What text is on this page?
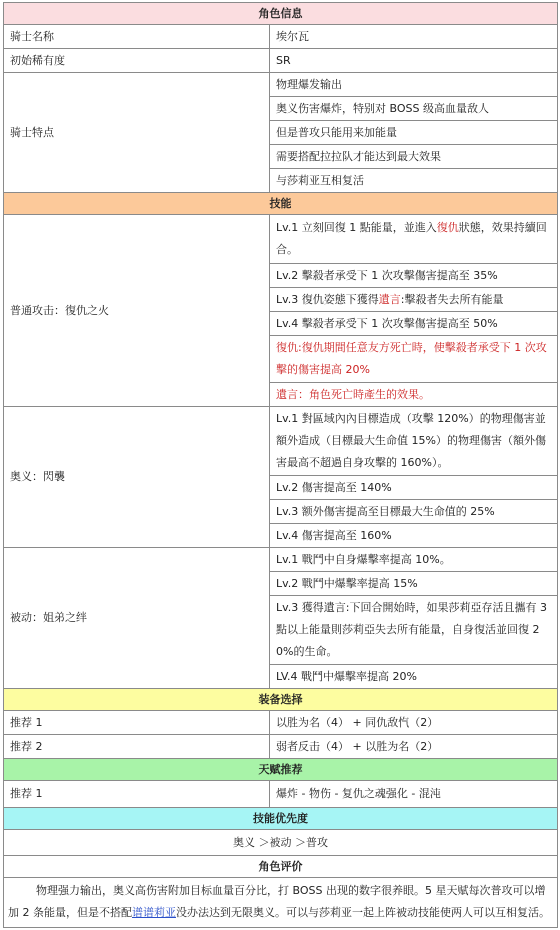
角色信息	
骑士名称	埃尔瓦
初始稀有度	SR
骑士特点	物理爆发输出
	奥义伤害爆炸，特别对 BOSS 级高血量敌人
	但是普攻只能用来加能量
	需要搭配拉拉队才能达到最大效果
	与莎莉亚互相复活
技能	
普通攻击：復仇之火	Lv.1 立刻回復 1 點能量，並進入復仇狀態，效果持續回合。
	Lv.2 擊殺者承受下 1 次攻擊傷害提高至 35%
	Lv.3 復仇姿態下獲得遺言:擊殺者失去所有能量
	Lv.4 擊殺者承受下 1 次攻擊傷害提高至 50%
	復仇:復仇期間任意友方死亡時，使擊殺者承受下 1 次攻擊的傷害提高 20%
	遺言：角色死亡時產生的效果。
奥义：閃襲	Lv.1 對區域內內目標造成（攻擊 120%）的物理傷害並額外造成（目標最大生命值 15%）的物理傷害（額外傷害最高不超過自身攻擊的 160%）。
	Lv.2 傷害提高至 140%
	Lv.3 额外傷害提高至目標最大生命值的 25%
	Lv.4 傷害提高至 160%
被动：姐弟之绊	Lv.1 戰鬥中自身爆擊率提高 10%。
	Lv.2 戰鬥中爆擊率提高 15%
	Lv.3 獲得遺言:下回合開始時，如果莎莉亞存活且攜有 3 點以上能量則莎莉亞失去所有能量，自身復活並回復 20%的生命。
	LV.4 戰鬥中爆擊率提高 20%
装备选择	
推荐 1	以胜为名（4） + 同仇敌忾（2）
推荐 2	弱者反击（4） + 以胜为名（2）
天赋推荐	
推荐 1	爆炸 - 物伤 - 复仇之魂强化 - 混沌
技能优先度	
奥义 ＞被动 ＞普攻	
角色评价	
物理强力输出，奥义高伤害附加目标血量百分比，打 BOSS 出现的数字很养眼。5 星天赋每次普攻可以增加 2 条能量，但是不搭配谱谱莉亚没办法达到无限奥义。可以与莎莉亚一起上阵被动技能使两人可以互相复活。	
